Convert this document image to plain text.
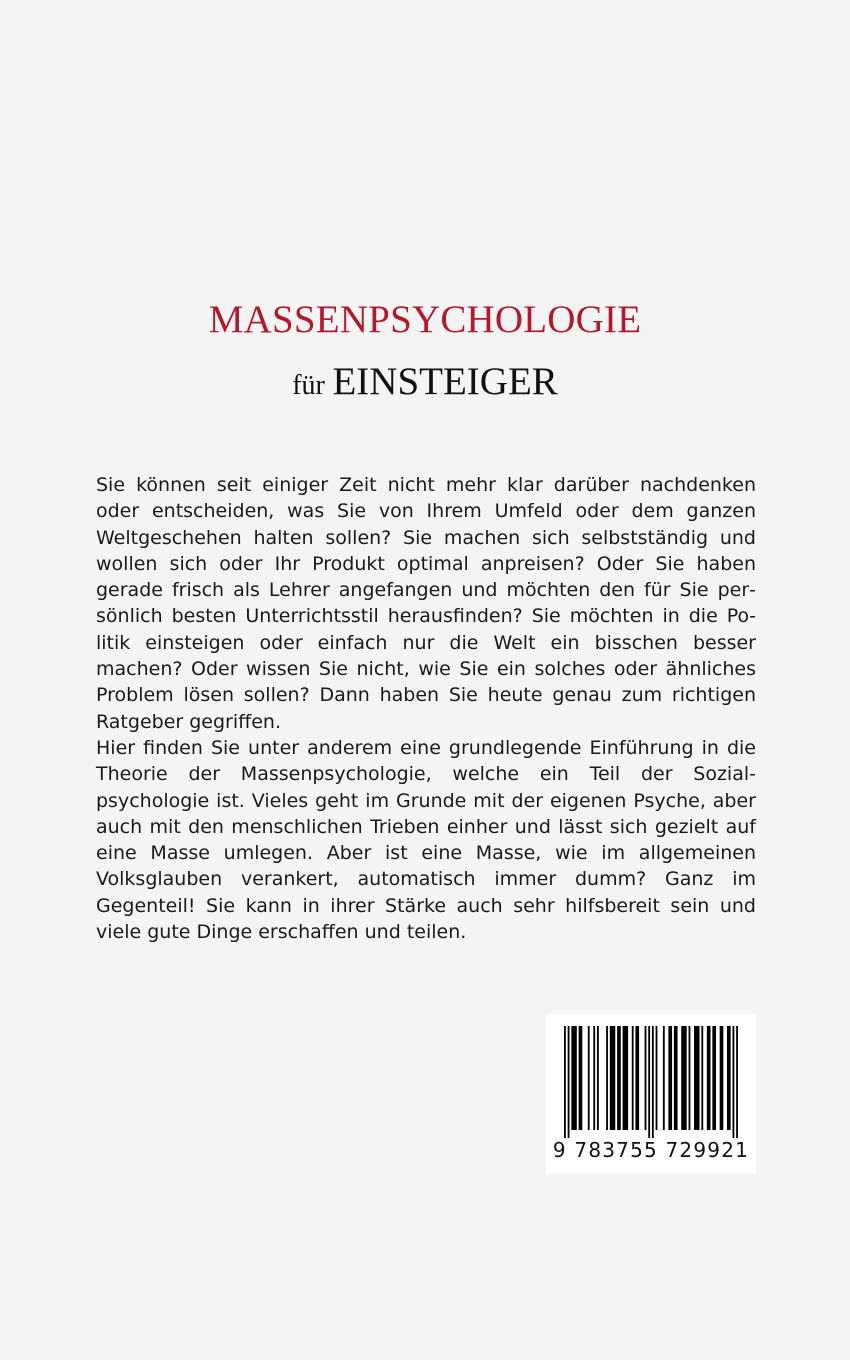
MASSENPSYCHOLOGIE
für EINSTEIGER

Sie können seit einiger Zeit nicht mehr klar darüber nachdenken oder entscheiden, was Sie von Ihrem Umfeld oder dem ganzen Weltgeschehen halten sollen? Sie machen sich selbstständig und wollen sich oder Ihr Produkt optimal anpreisen? Oder Sie haben gerade frisch als Lehrer angefangen und möchten den für Sie persönlich besten Unterrichtsstil herausfinden? Sie möchten in die Politik einsteigen oder einfach nur die Welt ein bisschen besser machen? Oder wissen Sie nicht, wie Sie ein solches oder ähnliches Problem lösen sollen? Dann haben Sie heute genau zum richtigen Ratgeber gegriffen.

Hier finden Sie unter anderem eine grundlegende Einführung in die Theorie der Massenpsychologie, welche ein Teil der Sozialpsychologie ist. Vieles geht im Grunde mit der eigenen Psyche, aber auch mit den menschlichen Trieben einher und lässt sich gezielt auf eine Masse umlegen. Aber ist eine Masse, wie im allgemeinen Volksglauben verankert, automatisch immer dumm? Ganz im Gegenteil! Sie kann in ihrer Stärke auch sehr hilfsbereit sein und viele gute Dinge erschaffen und teilen.

9 783755 729921
